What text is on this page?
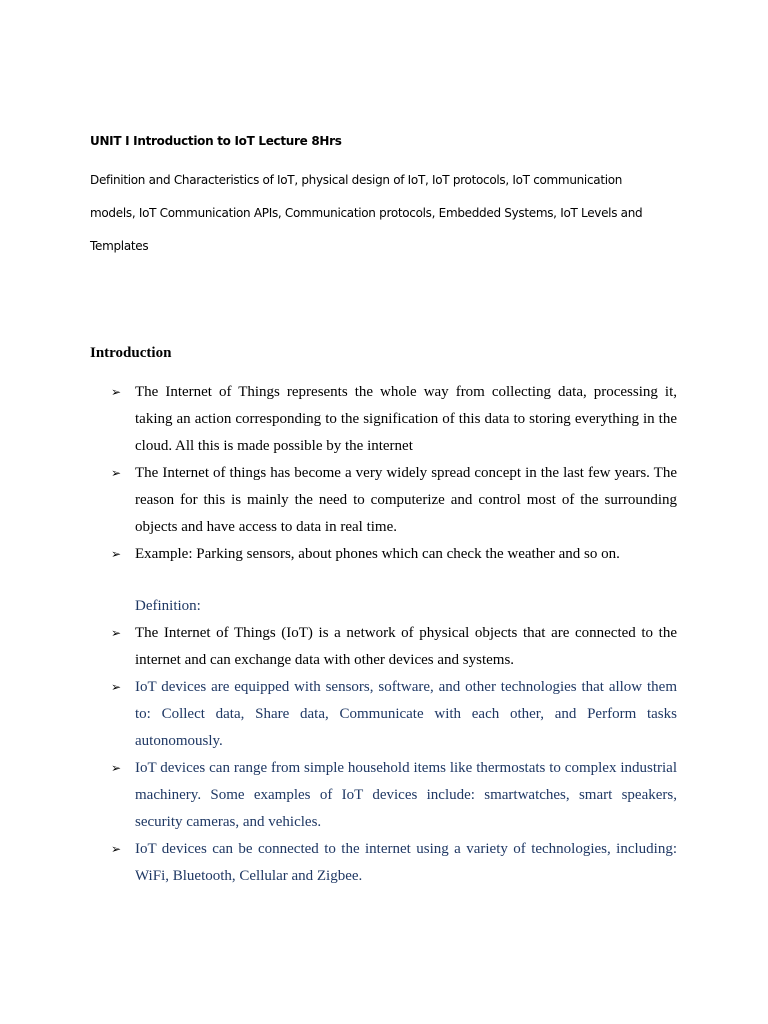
UNIT I Introduction to IoT Lecture 8Hrs

Definition and Characteristics of IoT, physical design of IoT, IoT protocols, IoT communication
models, IoT Communication APIs, Communication protocols, Embedded Systems, IoT Levels and
Templates

Introduction
➢ The Internet of Things represents the whole way from collecting data, processing it, taking an action corresponding to the signification of this data to storing everything in the cloud. All this is made possible by the internet
➢ The Internet of things has become a very widely spread concept in the last few years. The reason for this is mainly the need to computerize and control most of the surrounding objects and have access to data in real time.
➢ Example: Parking sensors, about phones which can check the weather and so on.
Definition:
➢ The Internet of Things (IoT) is a network of physical objects that are connected to the internet and can exchange data with other devices and systems.
➢ IoT devices are equipped with sensors, software, and other technologies that allow them to: Collect data, Share data, Communicate with each other, and Perform tasks autonomously.
➢ IoT devices can range from simple household items like thermostats to complex industrial machinery. Some examples of IoT devices include: smartwatches, smart speakers, security cameras, and vehicles.
➢ IoT devices can be connected to the internet using a variety of technologies, including: WiFi, Bluetooth, Cellular and Zigbee.
